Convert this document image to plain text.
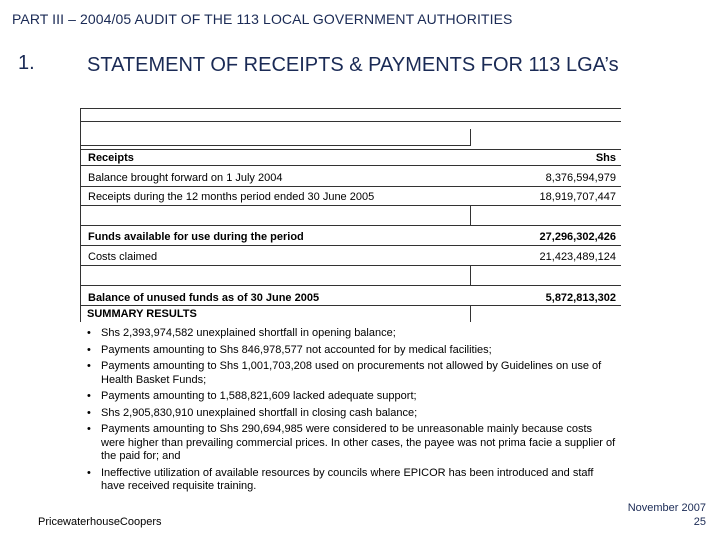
PART III – 2004/05 AUDIT OF THE 113 LOCAL GOVERNMENT AUTHORITIES
1.	STATEMENT OF RECEIPTS & PAYMENTS FOR 113 LGA’s
Receipts	Shs
Balance brought forward on 1 July 2004	8,376,594,979
Receipts during the 12 months period ended 30 June 2005	18,919,707,447
Funds available for use during the period	27,296,302,426
Costs claimed	21,423,489,124
Balance of unused funds as of 30 June 2005	5,872,813,302
SUMMARY RESULTS
• Shs 2,393,974,582 unexplained shortfall in opening balance;
• Payments amounting to Shs 846,978,577 not accounted for by medical facilities;
• Payments amounting to Shs 1,001,703,208 used on procurements not allowed by Guidelines on use of Health Basket Funds;
• Payments amounting to 1,588,821,609 lacked adequate support;
• Shs 2,905,830,910 unexplained shortfall in closing cash balance;
• Payments amounting to Shs 290,694,985 were considered to be unreasonable mainly because costs were higher than prevailing commercial prices. In other cases, the payee was not prima facie a supplier of the paid for; and
• Ineffective utilization of available resources by councils where EPICOR has been introduced and staff have received requisite training.
PricewaterhouseCoopers
November 2007
25
